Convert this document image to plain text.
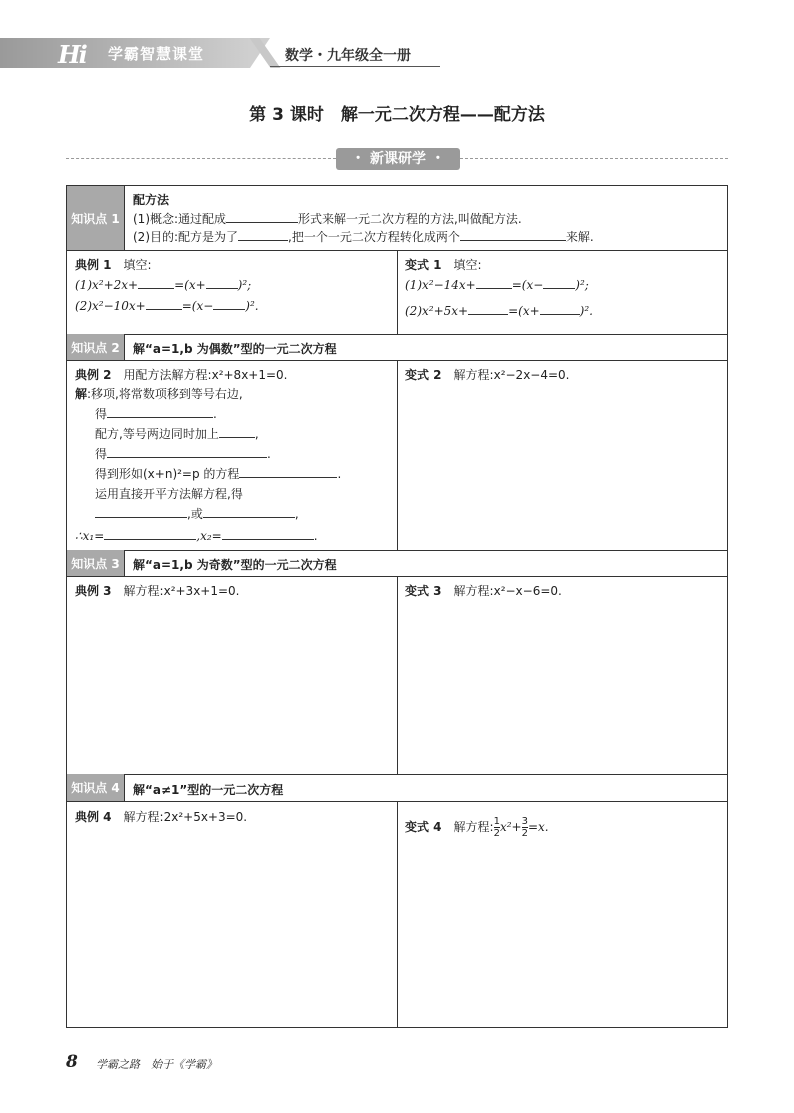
Hi 学霸智慧课堂	数学・九年级全一册
第 3 课时　解一元二次方程——配方法
・ 新课研学 ・
知识点 1
配方法
(1)概念:通过配成	形式来解一元二次方程的方法,叫做配方法.
(2)目的:配方是为了	,把一个一元二次方程转化成两个	来解.
典例 1　 填空:
(1)x²+2x+	=(x+	)²;
(2)x²−10x+	=(x−	)².
变式 1　 填空:
(1)x²−14x+	=(x−	)²;
(2)x²+5x+	=(x+	)².
知识点 2	解“a=1,b 为偶数”型的一元二次方程
典例 2　 用配方法解方程:x²+8x+1=0.
解:移项,将常数项移到等号右边,
得	.
配方,等号两边同时加上	,
得	.
得到形如(x+n)²=p 的方程	.
运用直接开平方法解方程,得
,或	,
∴x₁=	,x₂=	.
变式 2　 解方程:x²−2x−4=0.
知识点 3	解“a=1,b 为奇数”型的一元二次方程
典例 3　 解方程:x²+3x+1=0.	变式 3　 解方程:x²−x−6=0.
知识点 4	解“a≠1”型的一元二次方程
典例 4　 解方程:2x²+5x+3=0.
变式 4　 解方程: $\frac{1}{2} x^2+ \frac{3}{2} =x$.
8 学霸之路　始于《学霸》
